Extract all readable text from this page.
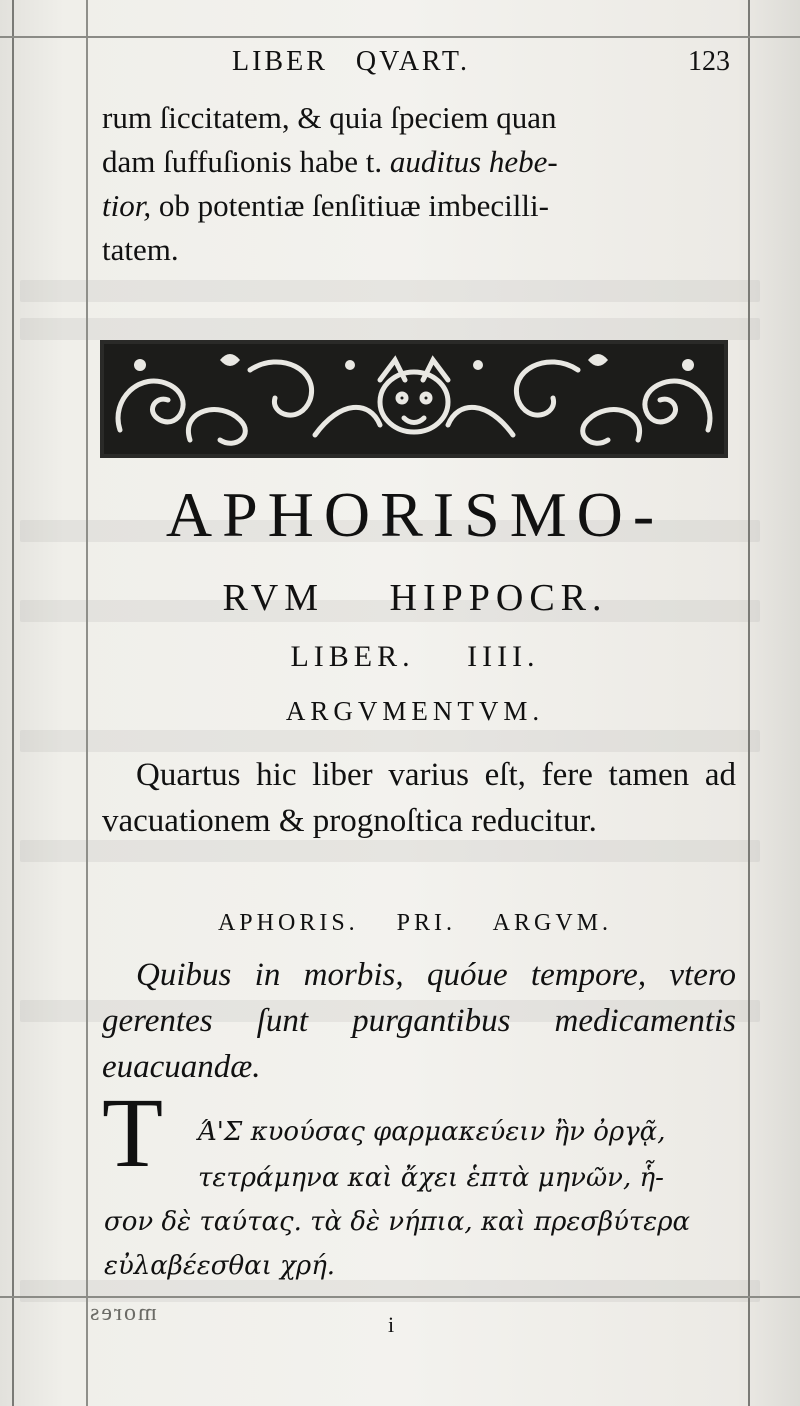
LIBER QVART.	123
rum ſiccitatem, & quia ſpeciem quan
dam ſuffuſionis habe t. auditus hebe-
tior, ob potentiæ ſenſitiuæ imbecilli-
tatem.
APHORISMO-
RVM HIPPOCR.
LIBER. IIII.
ARGVMENTVM.
Quartus hic liber varius eſt, fere tamen ad vacuationem & prognoſtica reducitur.
APHORIS. PRI. ARGVM.
Quibus in morbis, quóue tempore, vtero gerentes ſunt purgantibus medicamentis euacuandæ.
T	Ά'Σ κυούσας φαρμακεύειν ἢν ὀργᾷ,
τετράμηνα καὶ ἄχει ἑπτὰ μηνῶν, ἧ-
σον δὲ ταύτας. τὰ δὲ νήπια, καὶ πρεσβύτερα
εὐλαβέεσθαι χρή.
mores	i
